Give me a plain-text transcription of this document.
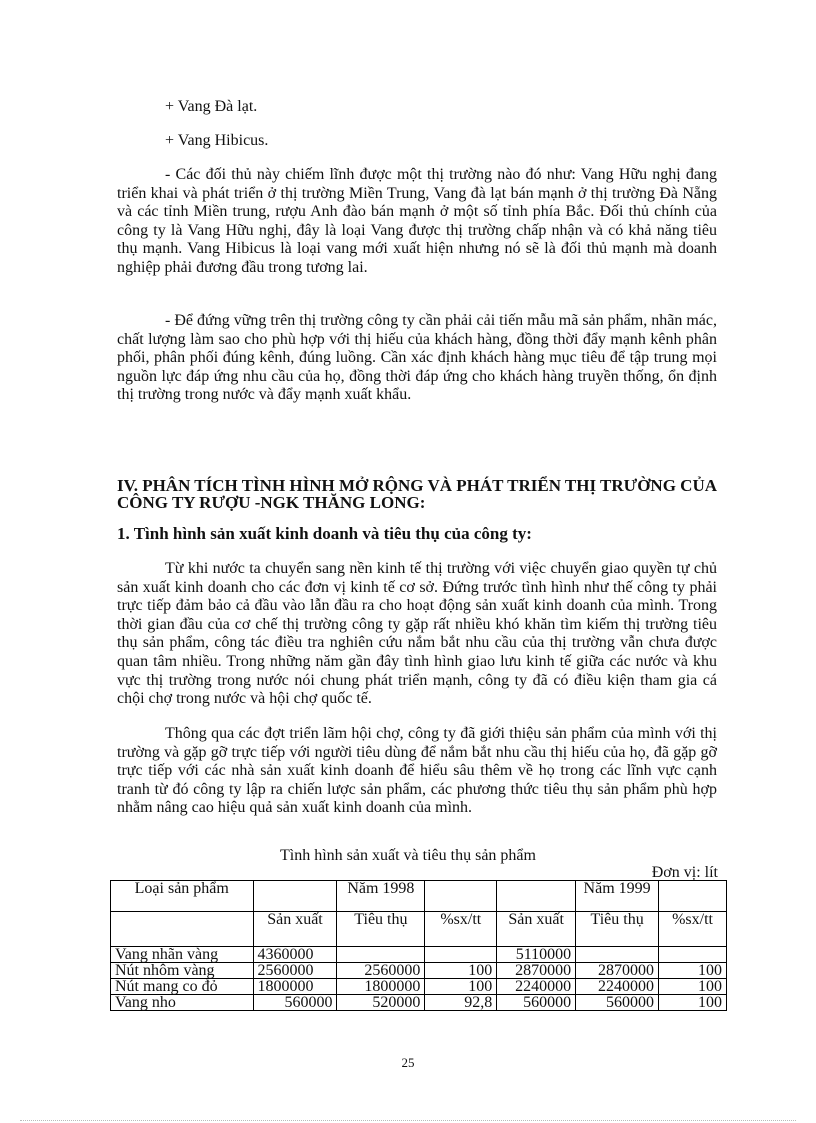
+ Vang Đà lạt.
+ Vang Hibicus.

- Các đối thủ này chiếm lĩnh được một thị trường nào đó như: Vang Hữu nghị đang triển khai và phát triển ở thị trường Miền Trung, Vang đà lạt bán mạnh ở thị trường Đà Nẵng và các tỉnh Miền trung, rượu Anh đào bán mạnh ở một số tỉnh phía Bắc. Đối thủ chính của công ty là Vang Hữu nghị, đây là loại Vang được thị trường chấp nhận và có khả năng tiêu thụ mạnh. Vang Hibicus là loại vang mới xuất hiện nhưng nó sẽ là đối thủ mạnh mà doanh nghiệp phải đương đầu trong tương lai.

- Để đứng vững trên thị trường công ty cần phải cải tiến mẫu mã sản phẩm, nhãn mác, chất lượng làm sao cho phù hợp với thị hiếu của khách hàng, đồng thời đẩy mạnh kênh phân phối, phân phối đúng kênh, đúng luồng. Cần xác định khách hàng mục tiêu để tập trung mọi nguồn lực đáp ứng nhu cầu của họ, đồng thời đáp ứng cho khách hàng truyền thống, ổn định thị trường trong nước và đẩy mạnh xuất khẩu.

IV. PHÂN TÍCH TÌNH HÌNH MỞ RỘNG VÀ PHÁT TRIỂN THỊ TRƯỜNG CỦA CÔNG TY RƯỢU -NGK THĂNG LONG:

1. Tình hình sản xuất kinh doanh và tiêu thụ của công ty:

Từ khi nước ta chuyển sang nền kinh tế thị trường với việc chuyển giao quyền tự chủ sản xuất kinh doanh cho các đơn vị kinh tế cơ sở. Đứng trước tình hình như thế công ty phải trực tiếp đảm bảo cả đầu vào lẫn đầu ra cho hoạt động sản xuất kinh doanh của mình. Trong thời gian đầu của cơ chế thị trường công ty gặp rất nhiều khó khăn tìm kiếm thị trường tiêu thụ sản phẩm, công tác điều tra nghiên cứu nắm bắt nhu cầu của thị trường vẫn chưa được quan tâm nhiều. Trong những năm gần đây tình hình giao lưu kinh tế giữa các nước và khu vực thị trường trong nước nói chung phát triển mạnh, công ty đã có điều kiện tham gia cá chội chợ trong nước và hội chợ quốc tế.

Thông qua các đợt triển lãm hội chợ, công ty đã giới thiệu sản phẩm của mình với thị trường và gặp gỡ trực tiếp với người tiêu dùng để nắm bắt nhu cầu thị hiếu của họ, đã gặp gỡ trực tiếp với các nhà sản xuất kinh doanh để hiểu sâu thêm về họ trong các lĩnh vực cạnh tranh từ đó công ty lập ra chiến lược sản phẩm, các phương thức tiêu thụ sản phẩm phù hợp nhằm nâng cao hiệu quả sản xuất kinh doanh của mình.

Tình hình sản xuất và tiêu thụ sản phẩm
Đơn vị: lít
Loại sản phẩm		Năm 1998			Năm 1999	
	Sản xuất	Tiêu thụ	%sx/tt	Sản xuất	Tiêu thụ	%sx/tt
Vang nhãn vàng	4360000			5110000		
Nút nhôm vàng	2560000	2560000	100	2870000	2870000	100
Nút mang co đỏ	1800000	1800000	100	2240000	2240000	100
Vang nho	560000	520000	92,8	560000	560000	100
25
